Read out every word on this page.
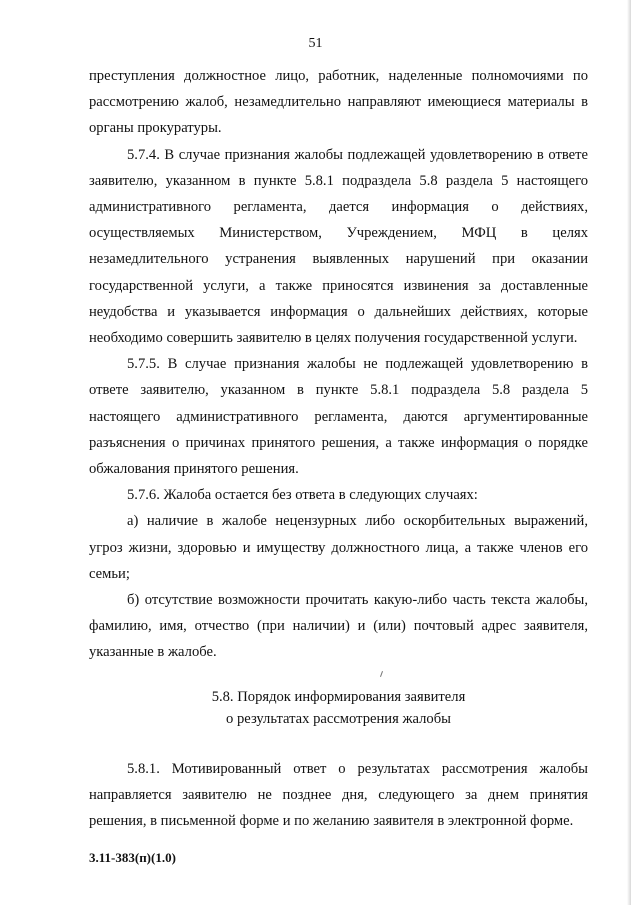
51

преступления должностное лицо, работник, наделенные полномочиями по рассмотрению жалоб, незамедлительно направляют имеющиеся материалы в органы прокуратуры.

5.7.4. В случае признания жалобы подлежащей удовлетворению в ответе заявителю, указанном в пункте 5.8.1 подраздела 5.8 раздела 5 настоящего административного регламента, дается информация о действиях, осуществляемых Министерством, Учреждением, МФЦ в целях незамедлительного устранения выявленных нарушений при оказании государственной услуги, а также приносятся извинения за доставленные неудобства и указывается информация о дальнейших действиях, которые необходимо совершить заявителю в целях получения государственной услуги.

5.7.5. В случае признания жалобы не подлежащей удовлетворению в ответе заявителю, указанном в пункте 5.8.1 подраздела 5.8 раздела 5 настоящего административного регламента, даются аргументированные разъяснения о причинах принятого решения, а также информация о порядке обжалования принятого решения.

5.7.6. Жалоба остается без ответа в следующих случаях:

а) наличие в жалобе нецензурных либо оскорбительных выражений, угроз жизни, здоровью и имуществу должностного лица, а также членов его семьи;

б) отсутствие возможности прочитать какую-либо часть текста жалобы, фамилию, имя, отчество (при наличии) и (или) почтовый адрес заявителя, указанные в жалобе.

5.8. Порядок информирования заявителя

о результатах рассмотрения жалобы

5.8.1. Мотивированный ответ о результатах рассмотрения жалобы направляется заявителю не позднее дня, следующего за днем принятия решения, в письменной форме и по желанию заявителя в электронной форме.

3.11-383(п)(1.0)
